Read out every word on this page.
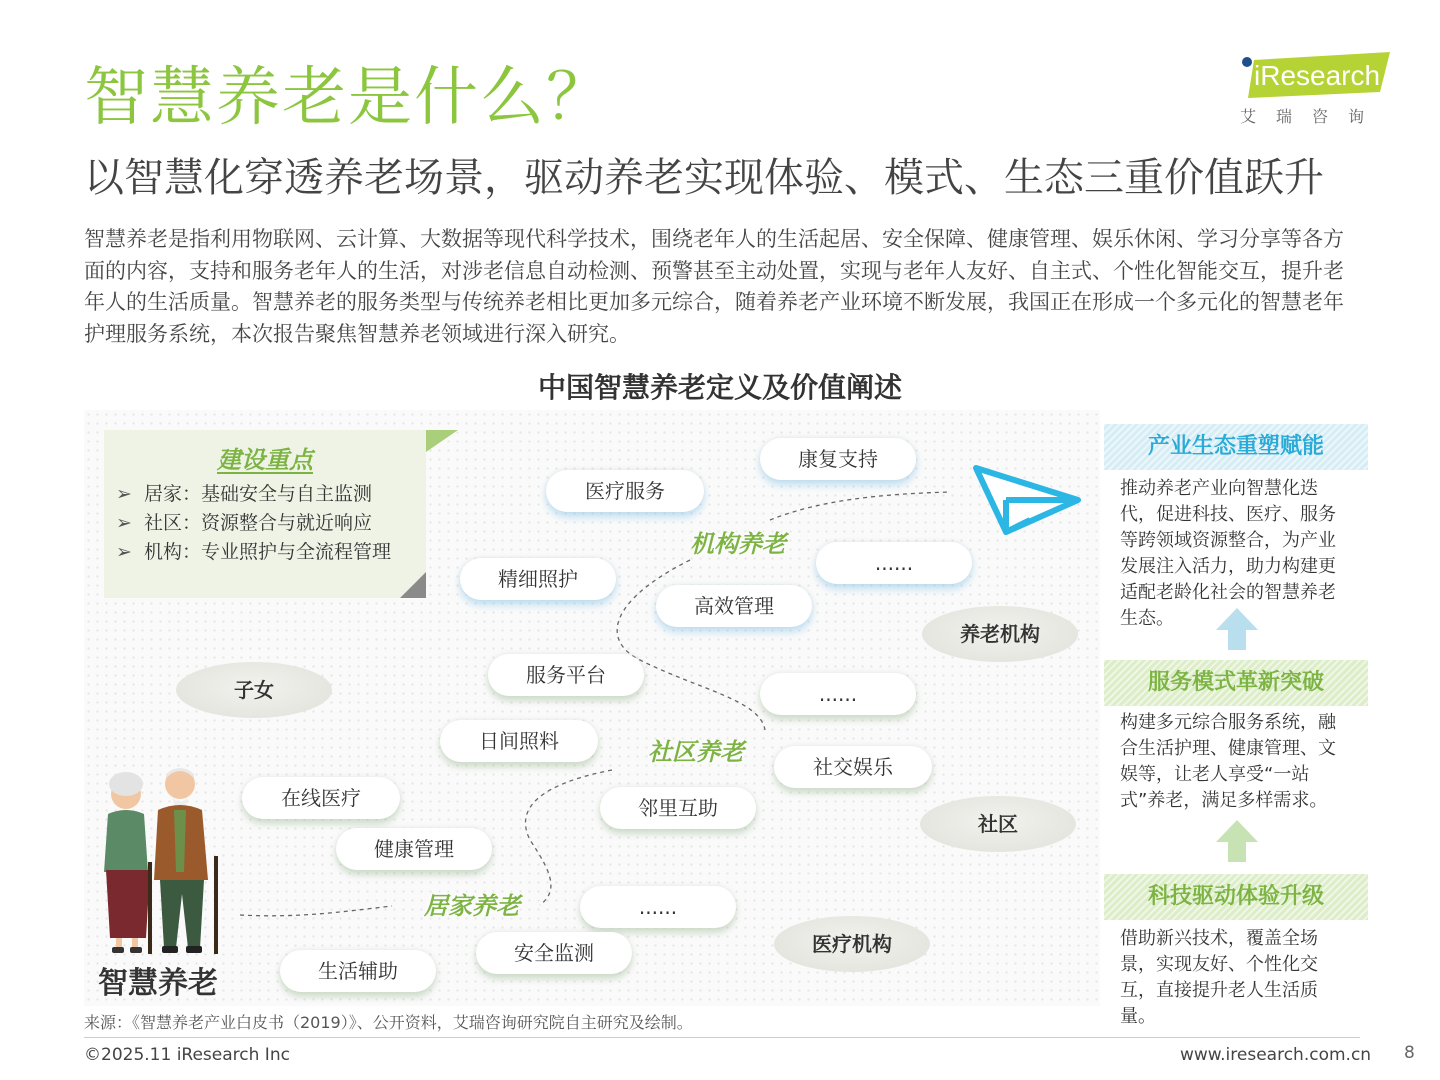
智慧养老是什么？
以智慧化穿透养老场景，驱动养老实现体验、模式、生态三重价值跃升
智慧养老是指利用物联网、云计算、大数据等现代科学技术，围绕老年人的生活起居、安全保障、健康管理、娱乐休闲、学习分享等各方面的内容，支持和服务老年人的生活，对涉老信息自动检测、预警甚至主动处置，实现与老年人友好、自主式、个性化智能交互，提升老年人的生活质量。智慧养老的服务类型与传统养老相比更加多元综合，随着养老产业环境不断发展，我国正在形成一个多元化的智慧老年护理服务系统，本次报告聚焦智慧养老领域进行深入研究。
iResearch
艾瑞咨询
中国智慧养老定义及价值阐述
建设重点
➢ 居家：基础安全与自主监测
➢ 社区：资源整合与就近响应
➢ 机构：专业照护与全流程管理
康复支持
医疗服务
......
精细照护
高效管理
服务平台
......
日间照料
社交娱乐
在线医疗	邻里互助
健康管理
......
安全监测
生活辅助
机构养老
社区养老
居家养老
子女
养老机构
社区
医疗机构
智慧养老
产业生态重塑赋能
推动养老产业向智慧化迭代，促进科技、医疗、服务等跨领域资源整合，为产业发展注入活力，助力构建更适配老龄化社会的智慧养老生态。
服务模式革新突破
构建多元综合服务系统，融合生活护理、健康管理、文娱等，让老人享受“一站式”养老，满足多样需求。
科技驱动体验升级
借助新兴技术，覆盖全场景，实现友好、个性化交互，直接提升老人生活质量。
来源：《智慧养老产业白皮书（2019）》、公开资料，艾瑞咨询研究院自主研究及绘制。
©2025.11 iResearch Inc	www.iresearch.com.cn 8
